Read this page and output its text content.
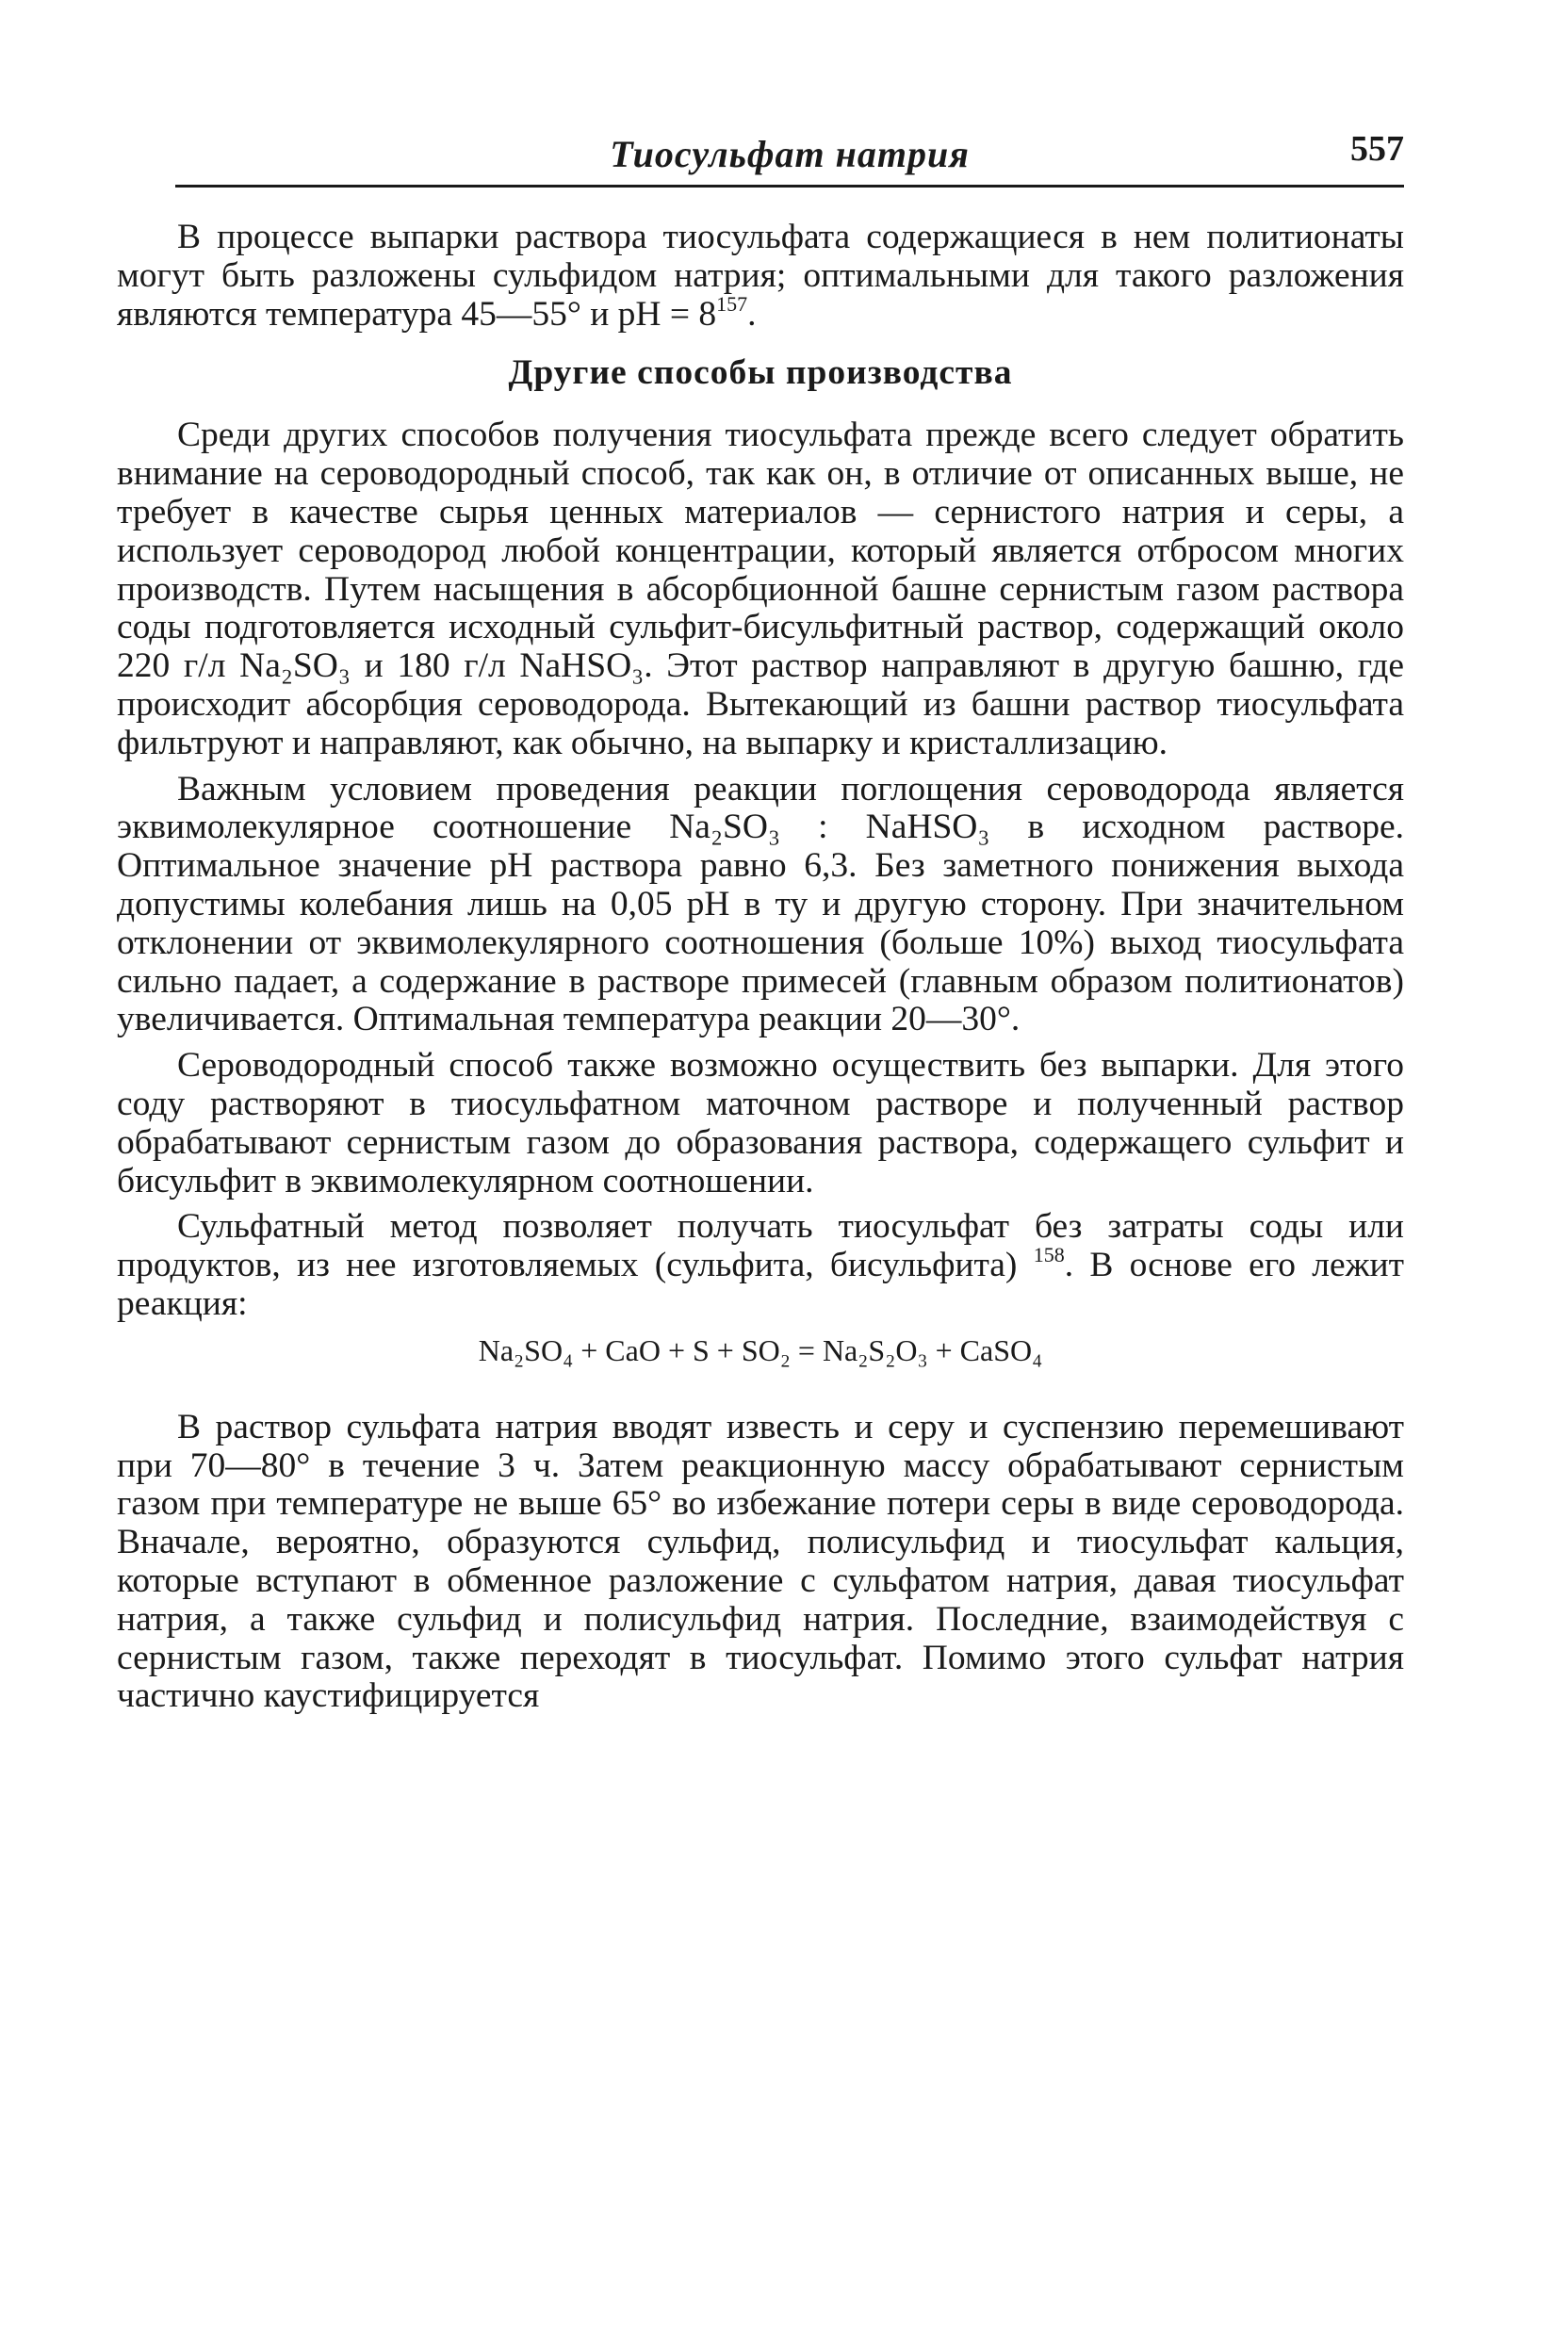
Тиосульфат натрия	557

В процессе выпарки раствора тиосульфата содержащиеся в нем политионаты могут быть разложены сульфидом натрия; оптимальными для такого разложения являются температура 45—55° и рН = $8^{157}$.

Другие способы производства

Среди других способов получения тиосульфата прежде всего следует обратить внимание на сероводородный способ, так как он, в отличие от описанных выше, не требует в качестве сырья ценных материалов — сернистого натрия и серы, а использует сероводород любой концентрации, который является отбросом многих производств. Путем насыщения в абсорбционной башне сернистым газом раствора соды подготовляется исходный сульфит-бисульфитный раствор, содержащий около 220 г/л Na₂SO₃ и 180 г/л NaHSO₃. Этот раствор направляют в другую башню, где происходит абсорбция сероводорода. Вытекающий из башни раствор тиосульфата фильтруют и направляют, как обычно, на выпарку и кристаллизацию.

Важным условием проведения реакции поглощения сероводорода является эквимолекулярное соотношение Na₂SO₃ : NaHSO₃ в исходном растворе. Оптимальное значение рН раствора равно 6,3. Без заметного понижения выхода допустимы колебания лишь на 0,05 рН в ту и другую сторону. При значительном отклонении от эквимолекулярного соотношения (больше 10%) выход тиосульфата сильно падает, а содержание в растворе примесей (главным образом политионатов) увеличивается. Оптимальная температура реакции 20—30°.

Сероводородный способ также возможно осуществить без выпарки. Для этого соду растворяют в тиосульфатном маточном растворе и полученный раствор обрабатывают сернистым газом до образования раствора, содержащего сульфит и бисульфит в эквимолекулярном соотношении.

Сульфатный метод позволяет получать тиосульфат без затраты соды или продуктов, из нее изготовляемых (сульфита, бисульфита) $^{158}$. В основе его лежит реакция:

Na₂SO₄ + CaO + S + SO₂ = Na₂S₂O₃ + CaSO₄

В раствор сульфата натрия вводят известь и серу и суспензию перемешивают при 70—80° в течение 3 ч. Затем реакционную массу обрабатывают сернистым газом при температуре не выше 65° во избежание потери серы в виде сероводорода. Вначале, вероятно, образуются сульфид, полисульфид и тиосульфат кальция, которые вступают в обменное разложение с сульфатом натрия, давая тиосульфат натрия, а также сульфид и полисульфид натрия. Последние, взаимодействуя с сернистым газом, также переходят в тиосульфат. Помимо этого сульфат натрия частично каустифицируется
